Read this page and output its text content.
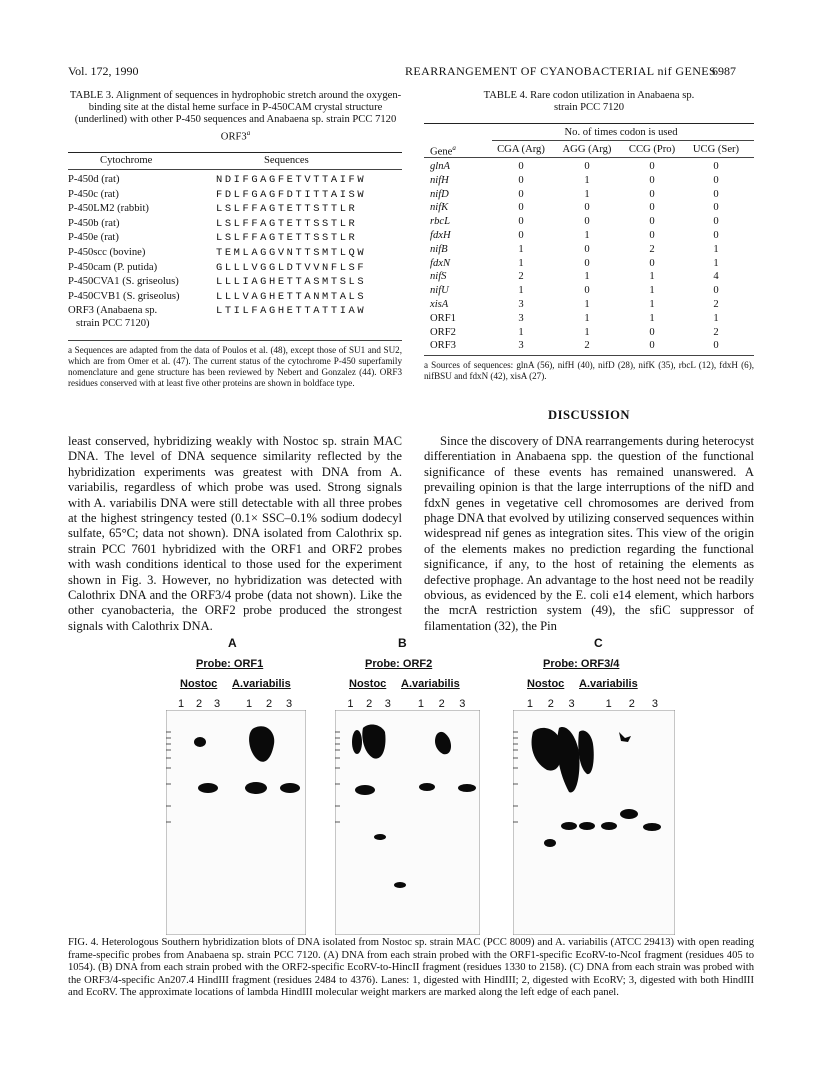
Vol. 172, 1990	REARRANGEMENT OF CYANOBACTERIAL nif GENES
6987
TABLE 3. Alignment of sequences in hydrophobic stretch around the oxygen-binding site at the distal heme surface in P-450CAM crystal structure (underlined) with other P-450 sequences and Anabaena sp. strain PCC 7120 ORF3$^a$
Cytochrome	Sequences
P-450d (rat)	NDIFGAGFETVTTAIFW
P-450c (rat)	FDLFGAGFDTITTAISW
P-450LM2 (rabbit)	LSLFFAGTETTSTTLR
P-450b (rat)	LSLFFAGTETTSSTLR
P-450e (rat)	LSLFFAGTETTSSTLR
P-450scc (bovine)	TEMLAGGVNTTSMTLQW
P-450cam (P. putida)	GLLLVGGLDTVVNFLSF
P-450CVA1 (S. griseolus)	LLLIAGHETTASMTSLS
P-450CVB1 (S. griseolus)	LLLVAGHETTANMTALS
ORF3 (Anabaena sp.	LTILFAGHETTATTIAW
strain PCC 7120)
a Sequences are adapted from the data of Poulos et al. (48), except those of SU1 and SU2, which are from Omer et al. (47). The current status of the cytochrome P-450 superfamily nomenclature and gene structure has been reviewed by Nebert and Gonzalez (44). ORF3 residues conserved with at least five other proteins are shown in boldface type.
TABLE 4. Rare codon utilization in Anabaena sp.
strain PCC 7120
Gene$^a$
No. of times codon is used
CGA (Arg)	AGG (Arg)	CCG (Pro)	UCG (Ser)
glnA	0	0	0	0
nifH	0	1	0	0
nifD	0	1	0	0
nifK	0	0	0	0
rbcL	0	0	0	0
fdxH	0	1	0	0
nifB	1	0	2	1
fdxN	1	0	0	1
nifS	2	1	1	4
nifU	1	0	1	0
xisA	3	1	1	2
ORF1	3	1	1	1
ORF2	1	1	0	2
ORF3	3	2	0	0
a Sources of sequences: glnA (56), nifH (40), nifD (28), nifK (35), rbcL (12), fdxH (6), nifBSU and fdxN (42), xisA (27).
least conserved, hybridizing weakly with Nostoc sp. strain MAC DNA. The level of DNA sequence similarity reflected by the hybridization experiments was greatest with DNA from A. variabilis, regardless of which probe was used. Strong signals with A. variabilis DNA were still detectable with all three probes at the highest stringency tested (0.1× SSC–0.1% sodium dodecyl sulfate, 65°C; data not shown). DNA isolated from Calothrix sp. strain PCC 7601 hybridized with the ORF1 and ORF2 probes with wash conditions identical to those used for the experiment shown in Fig. 3. However, no hybridization was detected with Calothrix DNA and the ORF3/4 probe (data not shown). Like the other cyanobacteria, the ORF2 probe produced the strongest signals with Calothrix DNA.
DISCUSSION
Since the discovery of DNA rearrangements during heterocyst differentiation in Anabaena spp. the question of the functional significance of these events has remained unanswered. A prevailing opinion is that the large interruptions of the nifD and fdxN genes in vegetative cell chromosomes are derived from phage DNA that evolved by utilizing conserved sequences within widespread nif genes as integration sites. This view of the origin of the elements makes no prediction regarding the functional significance, if any, to the host of retaining the elements as defective prophage. An advantage to the host need not be readily obvious, as evidenced by the E. coli e14 element, which harbors the mcrA restriction system (49), the sfiC suppressor of filamentation (32), the Pin
A
Probe: ORF1
Nostoc A.variabilis
1 2 3 1 2 3
B
Probe: ORF2
Nostoc A.variabilis
1 2 3 1 2 3
C
Probe: ORF3/4
Nostoc A.variabilis
1 2 3	1 2 3
FIG. 4. Heterologous Southern hybridization blots of DNA isolated from Nostoc sp. strain MAC (PCC 8009) and A. variabilis (ATCC 29413) with open reading frame-specific probes from Anabaena sp. strain PCC 7120. (A) DNA from each strain probed with the ORF1-specific EcoRV-to-NcoI fragment (residues 405 to 1054). (B) DNA from each strain probed with the ORF2-specific EcoRV-to-HincII fragment (residues 1330 to 2158). (C) DNA from each strain was probed with the ORF3/4-specific An207.4 HindIII fragment (residues 2484 to 4376). Lanes: 1, digested with HindIII; 2, digested with EcoRV; 3, digested with both HindIII and EcoRV. The approximate locations of lambda HindIII molecular weight markers are marked along the left edge of each panel.
